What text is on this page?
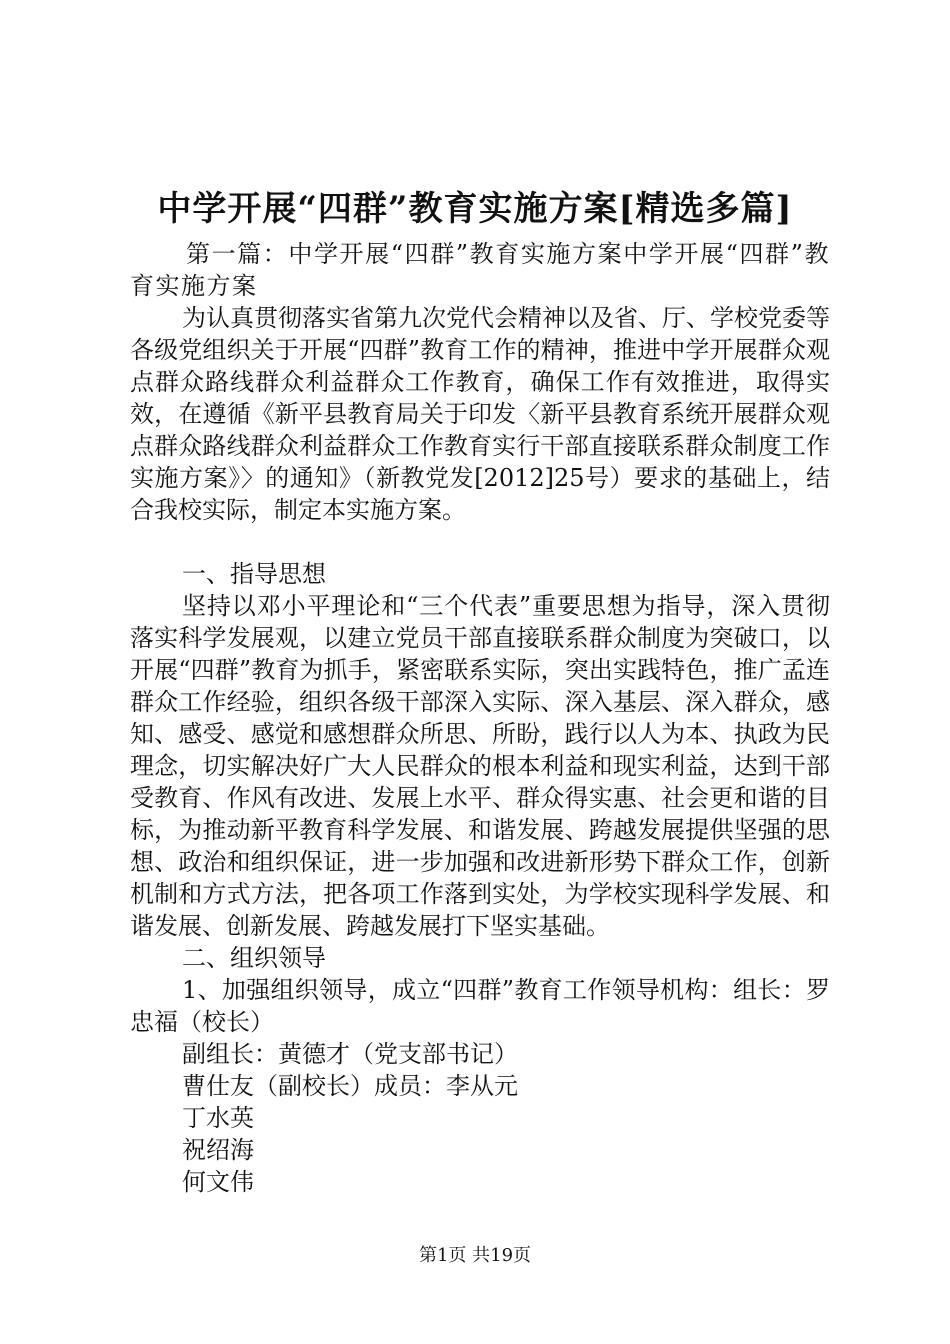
中学开展“四群”教育实施方案[精选多篇]

第一篇：中学开展“四群”教育实施方案中学开展“四群”教育实施方案

为认真贯彻落实省第九次党代会精神以及省、厅、学校党委等各级党组织关于开展“四群”教育工作的精神，推进中学开展群众观点群众路线群众利益群众工作教育，确保工作有效推进，取得实效，在遵循《新平县教育局关于印发〈新平县教育系统开展群众观点群众路线群众利益群众工作教育实行干部直接联系群众制度工作实施方案》〉的通知》（新教党发[2012]25号）要求的基础上，结合我校实际，制定本实施方案。

一、指导思想

坚持以邓小平理论和“三个代表”重要思想为指导，深入贯彻落实科学发展观，以建立党员干部直接联系群众制度为突破口，以开展“四群”教育为抓手，紧密联系实际，突出实践特色，推广孟连群众工作经验，组织各级干部深入实际、深入基层、深入群众，感知、感受、感觉和感想群众所思、所盼，践行以人为本、执政为民理念，切实解决好广大人民群众的根本利益和现实利益，达到干部受教育、作风有改进、发展上水平、群众得实惠、社会更和谐的目标，为推动新平教育科学发展、和谐发展、跨越发展提供坚强的思想、政治和组织保证，进一步加强和改进新形势下群众工作，创新机制和方式方法，把各项工作落到实处，为学校实现科学发展、和谐发展、创新发展、跨越发展打下坚实基础。

二、组织领导

1、加强组织领导，成立“四群”教育工作领导机构：组长：罗忠福（校长）

副组长：黄德才（党支部书记）

曹仕友（副校长）成员：李从元

丁水英

祝绍海

何文伟

第1页 共19页
